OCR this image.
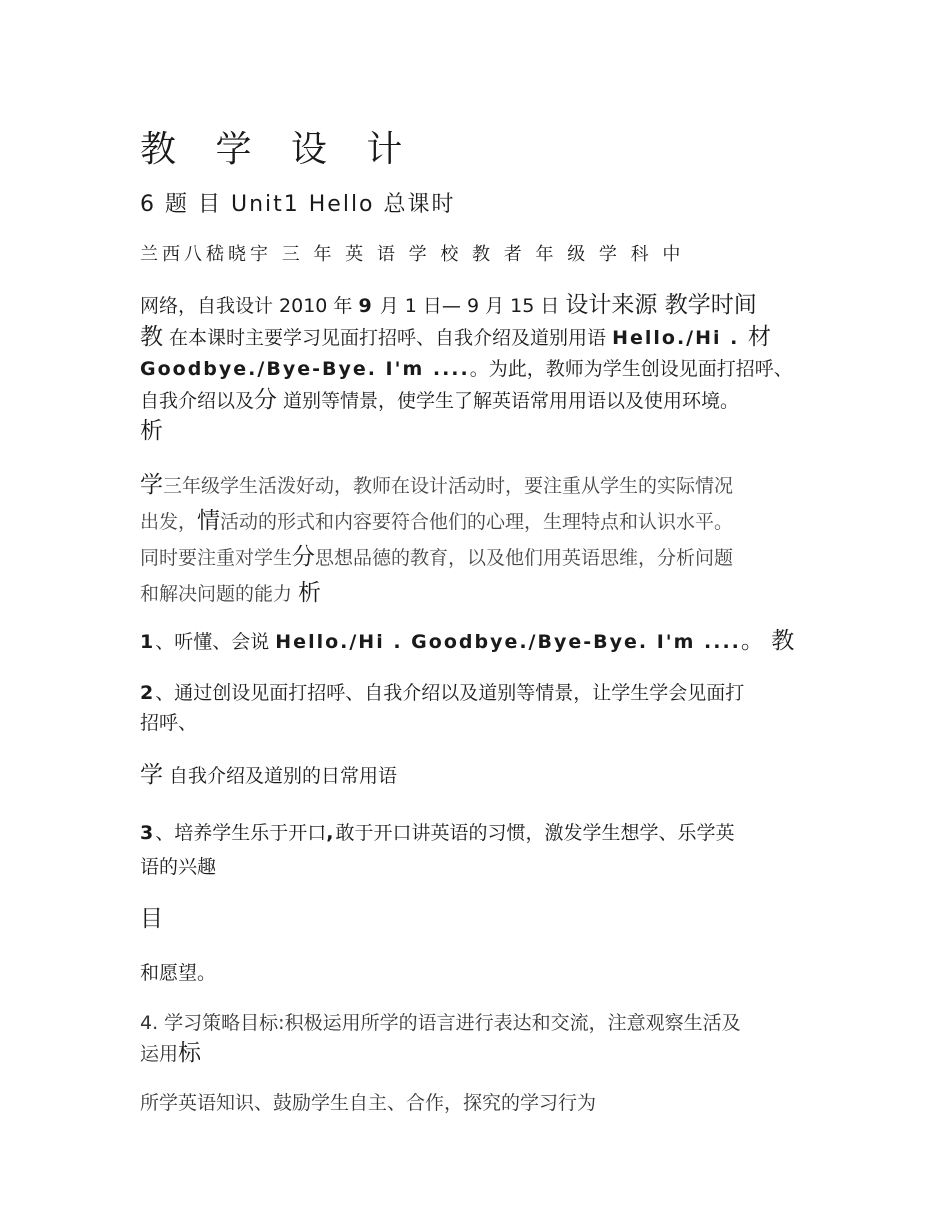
教 学 设 计
6 题 目 Unit1 Hello 总课时
兰西八嵇晓宇 三 年 英 语 学 校 教 者 年 级 学 科 中
网络，自我设计 2010 年 9 月 1 日— 9 月 15 日 设计来源 教学时间
教 在本课时主要学习见面打招呼、自我介绍及道别用语 Hello./Hi . 材
Goodbye./Bye-Bye. I'm ....。为此，教师为学生创设见面打招呼、
自我介绍以及分 道别等情景，使学生了解英语常用用语以及使用环境。
析
学三年级学生活泼好动，教师在设计活动时，要注重从学生的实际情况
出发，情活动的形式和内容要符合他们的心理，生理特点和认识水平。
同时要注重对学生分思想品德的教育，以及他们用英语思维，分析问题
和解决问题的能力 析
1、听懂、会说 Hello./Hi . Goodbye./Bye-Bye. I'm ....。 教
2、通过创设见面打招呼、自我介绍以及道别等情景，让学生学会见面打
招呼、
学 自我介绍及道别的日常用语
3、培养学生乐于开口,敢于开口讲英语的习惯，激发学生想学、乐学英
语的兴趣
目
和愿望。
4. 学习策略目标:积极运用所学的语言进行表达和交流，注意观察生活及
运用标
所学英语知识、鼓励学生自主、合作，探究的学习行为
